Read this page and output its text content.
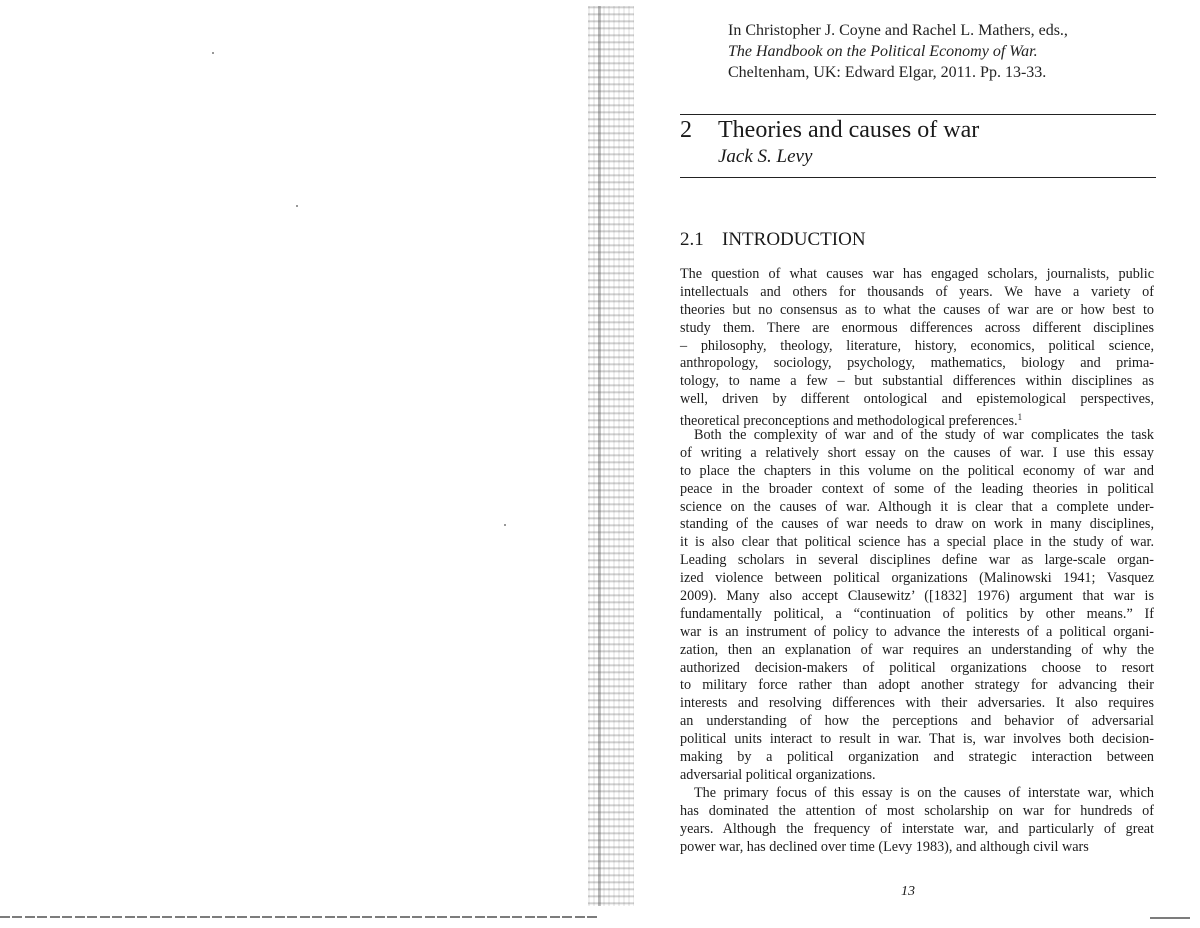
In Christopher J. Coyne and Rachel L. Mathers, eds.,
The Handbook on the Political Economy of War.
Cheltenham, UK: Edward Elgar, 2011. Pp. 13-33.
2 Theories and causes of war
Jack S. Levy
2.1 INTRODUCTION
The question of what causes war has engaged scholars, journalists, public
intellectuals and others for thousands of years. We have a variety of
theories but no consensus as to what the causes of war are or how best to
study them. There are enormous differences across different disciplines
– philosophy, theology, literature, history, economics, political science,
anthropology, sociology, psychology, mathematics, biology and prima-
tology, to name a few – but substantial differences within disciplines as
well, driven by different ontological and epistemological perspectives,
theoretical preconceptions and methodological preferences.$^1$
Both the complexity of war and of the study of war complicates the task
of writing a relatively short essay on the causes of war. I use this essay
to place the chapters in this volume on the political economy of war and
peace in the broader context of some of the leading theories in political
science on the causes of war. Although it is clear that a complete under-
standing of the causes of war needs to draw on work in many disciplines,
it is also clear that political science has a special place in the study of war.
Leading scholars in several disciplines define war as large-scale organ-
ized violence between political organizations (Malinowski 1941; Vasquez
2009). Many also accept Clausewitz’ ([1832] 1976) argument that war is
fundamentally political, a “continuation of politics by other means.” If
war is an instrument of policy to advance the interests of a political organi-
zation, then an explanation of war requires an understanding of why the
authorized decision-makers of political organizations choose to resort
to military force rather than adopt another strategy for advancing their
interests and resolving differences with their adversaries. It also requires
an understanding of how the perceptions and behavior of adversarial
political units interact to result in war. That is, war involves both decision-
making by a political organization and strategic interaction between
adversarial political organizations.
The primary focus of this essay is on the causes of interstate war, which
has dominated the attention of most scholarship on war for hundreds of
years. Although the frequency of interstate war, and particularly of great
power war, has declined over time (Levy 1983), and although civil wars
13
